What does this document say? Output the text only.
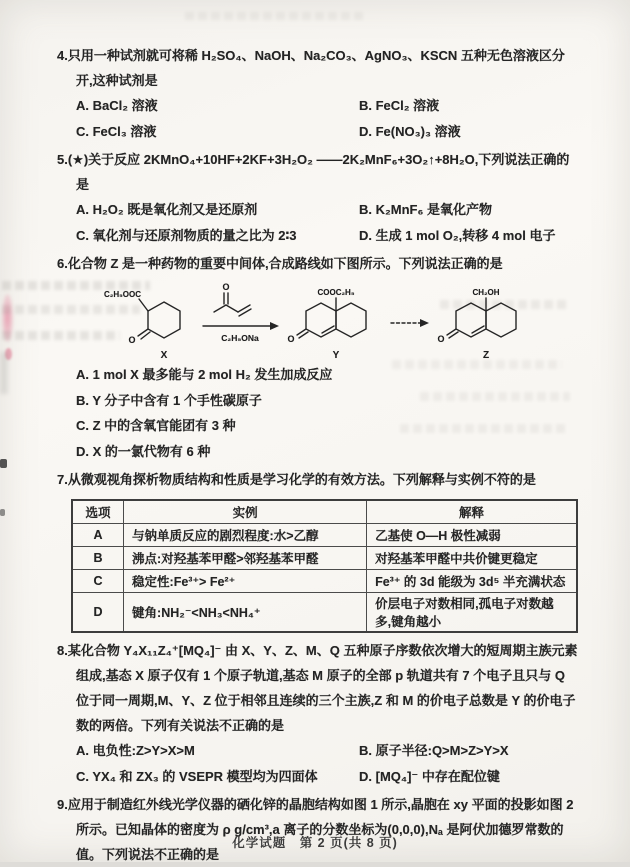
4.只用一种试剂就可将稀 H₂SO₄、NaOH、Na₂CO₃、AgNO₃、KSCN 五种无色溶液区分开,这种试剂是
A. BaCl₂ 溶液	B. FeCl₂ 溶液
C. FeCl₃ 溶液	D. Fe(NO₃)₃ 溶液
5.(★)关于反应 2KMnO₄+10HF+2KF+3H₂O₂ ——2K₂MnF₆+3O₂↑+8H₂O,下列说法正确的是
A. H₂O₂ 既是氧化剂又是还原剂	B. K₂MnF₆ 是氧化产物
C. 氧化剂与还原剂物质的量之比为 2∶3	D. 生成 1 mol O₂,转移 4 mol 电子
6.化合物 Z 是一种药物的重要中间体,合成路线如下图所示。下列说法正确的是
C₂H₅OOC
O
X
O
C₂H₅ONa
COOC₂H₅
O
Y
CH₂OH
O
Z
A. 1 mol X 最多能与 2 mol H₂ 发生加成反应
B. Y 分子中含有 1 个手性碳原子
C. Z 中的含氧官能团有 3 种
D. X 的一氯代物有 6 种
7.从微观视角探析物质结构和性质是学习化学的有效方法。下列解释与实例不符的是
选项	实例	解释
A	与钠单质反应的剧烈程度:水>乙醇	乙基使 O—H 极性减弱
B	沸点:对羟基苯甲醛>邻羟基苯甲醛	对羟基苯甲醛中共价键更稳定
C	稳定性:Fe³⁺> Fe²⁺	Fe³⁺ 的 3d 能级为 3d⁵ 半充满状态
D	键角:NH₂⁻<NH₃<NH₄⁺	价层电子对数相同,孤电子对数越多,键角越小
8.某化合物 Y₄X₁₁Z₄⁺[MQ₄]⁻ 由 X、Y、Z、M、Q 五种原子序数依次增大的短周期主族元素组成,基态 X 原子仅有 1 个原子轨道,基态 M 原子的全部 p 轨道共有 7 个电子且只与 Q 位于同一周期,M、Y、Z 位于相邻且连续的三个主族,Z 和 M 的价电子总数是 Y 的价电子数的两倍。下列有关说法不正确的是
A. 电负性:Z>Y>X>M	B. 原子半径:Q>M>Z>Y>X
C. YX₄ 和 ZX₃ 的 VSEPR 模型均为四面体	D. [MQ₄]⁻ 中存在配位键
9.应用于制造红外线光学仪器的硒化锌的晶胞结构如图 1 所示,晶胞在 xy 平面的投影如图 2 所示。已知晶体的密度为 ρ g/cm³,a 离子的分数坐标为(0,0,0),Nₐ 是阿伏加德罗常数的值。下列说法不正确的是
化学试题　第 2 页(共 8 页)
